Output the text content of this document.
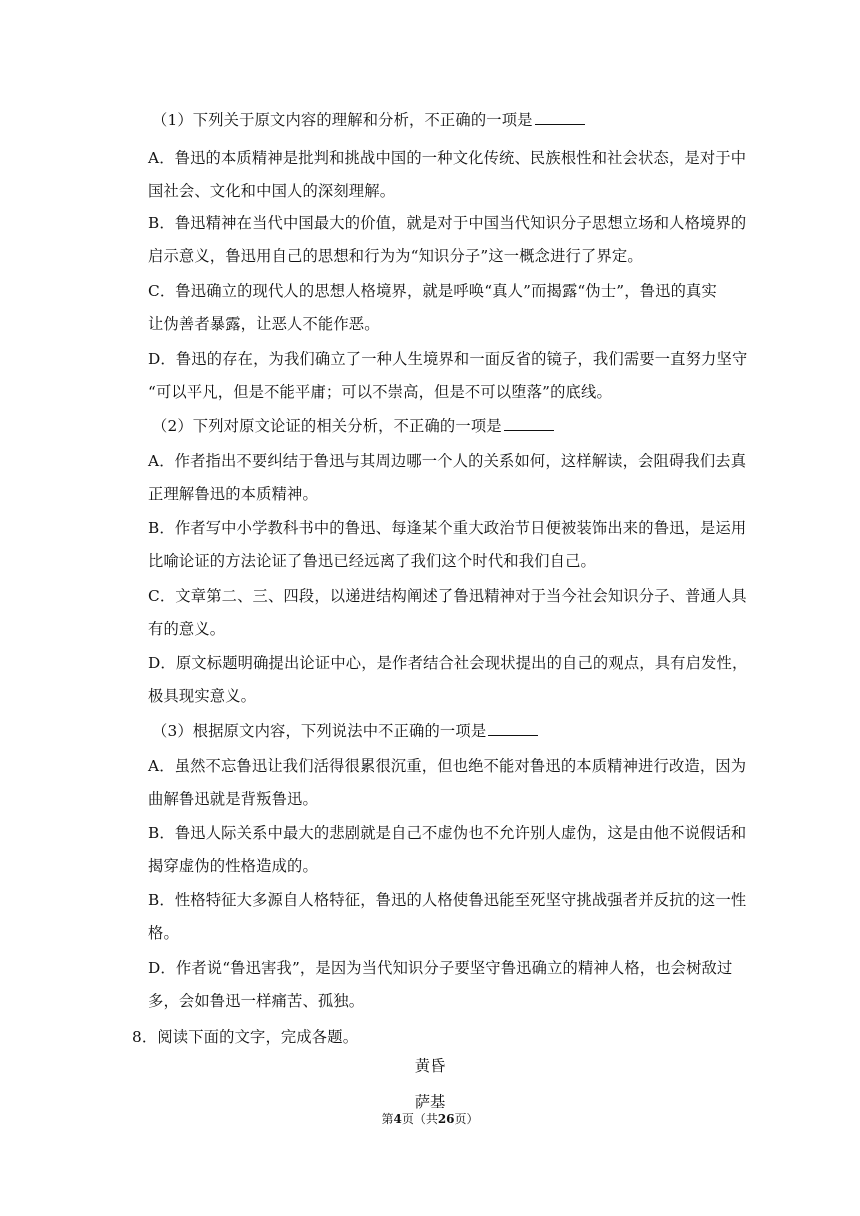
（1）下列关于原文内容的理解和分析，不正确的一项是
A．鲁迅的本质精神是批判和挑战中国的一种文化传统、民族根性和社会状态，是对于中
国社会、文化和中国人的深刻理解。
B．鲁迅精神在当代中国最大的价值，就是对于中国当代知识分子思想立场和人格境界的
启示意义，鲁迅用自己的思想和行为为“知识分子”这一概念进行了界定。
C．鲁迅确立的现代人的思想人格境界，就是呼唤“真人”而揭露“伪士”，鲁迅的真实
让伪善者暴露，让恶人不能作恶。
D．鲁迅的存在，为我们确立了一种人生境界和一面反省的镜子，我们需要一直努力坚守
“可以平凡，但是不能平庸；可以不崇高，但是不可以堕落”的底线。
（2）下列对原文论证的相关分析，不正确的一项是
A．作者指出不要纠结于鲁迅与其周边哪一个人的关系如何，这样解读，会阻碍我们去真
正理解鲁迅的本质精神。
B．作者写中小学教科书中的鲁迅、每逢某个重大政治节日便被装饰出来的鲁迅，是运用
比喻论证的方法论证了鲁迅已经远离了我们这个时代和我们自己。
C．文章第二、三、四段，以递进结构阐述了鲁迅精神对于当今社会知识分子、普通人具
有的意义。
D．原文标题明确提出论证中心，是作者结合社会现状提出的自己的观点，具有启发性，
极具现实意义。
（3）根据原文内容，下列说法中不正确的一项是
A．虽然不忘鲁迅让我们活得很累很沉重，但也绝不能对鲁迅的本质精神进行改造，因为
曲解鲁迅就是背叛鲁迅。
B．鲁迅人际关系中最大的悲剧就是自己不虚伪也不允许别人虚伪，这是由他不说假话和
揭穿虚伪的性格造成的。
B．性格特征大多源自人格特征，鲁迅的人格使鲁迅能至死坚守挑战强者并反抗的这一性
格。
D．作者说“鲁迅害我”，是因为当代知识分子要坚守鲁迅确立的精神人格，也会树敌过
多，会如鲁迅一样痛苦、孤独。
8．阅读下面的文字，完成各题。
黄昏
萨基
第4页（共26页）
